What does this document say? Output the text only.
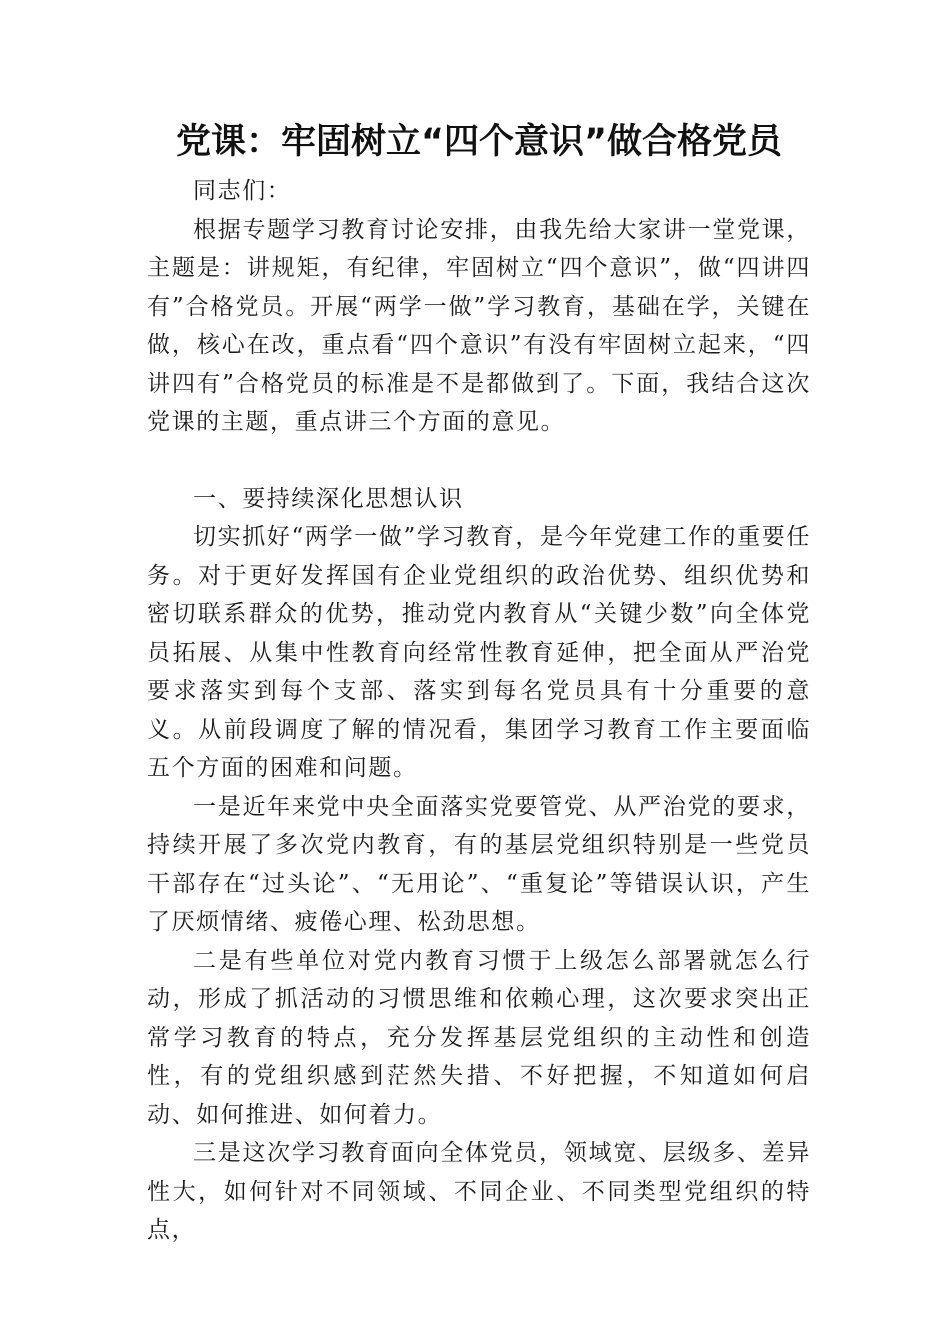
党课：牢固树立“四个意识”做合格党员

同志们：

根据专题学习教育讨论安排，由我先给大家讲一堂党课，主题是：讲规矩，有纪律，牢固树立“四个意识”，做“四讲四有”合格党员。开展“两学一做”学习教育，基础在学，关键在做，核心在改，重点看“四个意识”有没有牢固树立起来，“四讲四有”合格党员的标准是不是都做到了。下面，我结合这次党课的主题，重点讲三个方面的意见。

一、要持续深化思想认识

切实抓好“两学一做”学习教育，是今年党建工作的重要任务。对于更好发挥国有企业党组织的政治优势、组织优势和密切联系群众的优势，推动党内教育从“关键少数”向全体党员拓展、从集中性教育向经常性教育延伸，把全面从严治党要求落实到每个支部、落实到每名党员具有十分重要的意义。从前段调度了解的情况看，集团学习教育工作主要面临五个方面的困难和问题。

一是近年来党中央全面落实党要管党、从严治党的要求，持续开展了多次党内教育，有的基层党组织特别是一些党员干部存在“过头论”、“无用论”、“重复论”等错误认识，产生了厌烦情绪、疲倦心理、松劲思想。

二是有些单位对党内教育习惯于上级怎么部署就怎么行动，形成了抓活动的习惯思维和依赖心理，这次要求突出正常学习教育的特点，充分发挥基层党组织的主动性和创造性，有的党组织感到茫然失措、不好把握，不知道如何启动、如何推进、如何着力。

三是这次学习教育面向全体党员，领域宽、层级多、差异性大，如何针对不同领域、不同企业、不同类型党组织的特点，
